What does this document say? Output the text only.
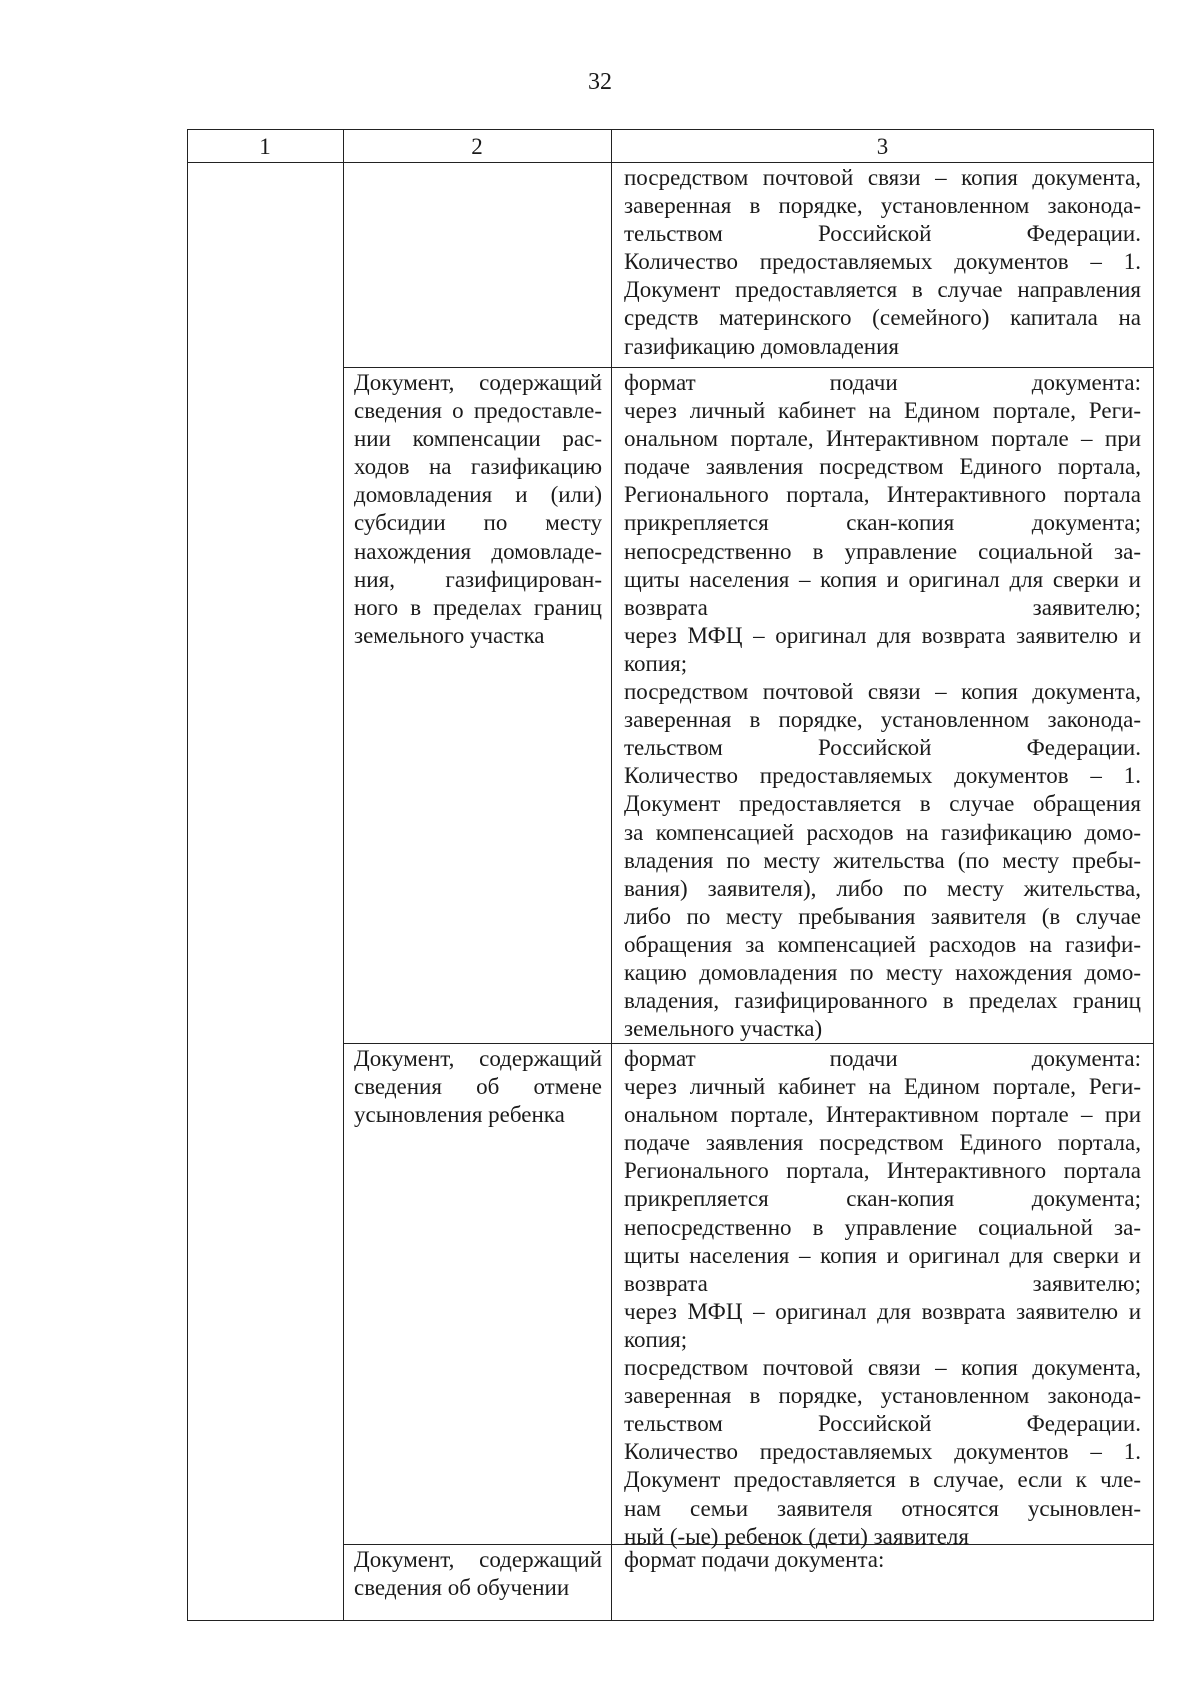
32
1	2	3
посредством почтовой связи – копия документа,
заверенная в порядке, установленном законода-
тельством Российской Федерации.
Количество предоставляемых документов – 1.
Документ предоставляется в случае направления
средств материнского (семейного) капитала на
газификацию домовладения
Документ, содержащий
сведения о предоставле-
нии компенсации рас-
ходов на газификацию
домовладения и (или)
субсидии по месту
нахождения домовладе-
ния, газифицирован-
ного в пределах границ
земельного участка
формат подачи документа:
через личный кабинет на Едином портале, Реги-
ональном портале, Интерактивном портале – при
подаче заявления посредством Единого портала,
Регионального портала, Интерактивного портала
прикрепляется скан-копия документа;
непосредственно в управление социальной за-
щиты населения – копия и оригинал для сверки и
возврата заявителю;
через МФЦ – оригинал для возврата заявителю и
копия;
посредством почтовой связи – копия документа,
заверенная в порядке, установленном законода-
тельством Российской Федерации.
Количество предоставляемых документов – 1.
Документ предоставляется в случае обращения
за компенсацией расходов на газификацию домо-
владения по месту жительства (по месту пребы-
вания) заявителя), либо по месту жительства,
либо по месту пребывания заявителя (в случае
обращения за компенсацией расходов на газифи-
кацию домовладения по месту нахождения домо-
владения, газифицированного в пределах границ
земельного участка)
Документ, содержащий
сведения об отмене
усыновления ребенка
формат подачи документа:
через личный кабинет на Едином портале, Реги-
ональном портале, Интерактивном портале – при
подаче заявления посредством Единого портала,
Регионального портала, Интерактивного портала
прикрепляется скан-копия документа;
непосредственно в управление социальной за-
щиты населения – копия и оригинал для сверки и
возврата заявителю;
через МФЦ – оригинал для возврата заявителю и
копия;
посредством почтовой связи – копия документа,
заверенная в порядке, установленном законода-
тельством Российской Федерации.
Количество предоставляемых документов – 1.
Документ предоставляется в случае, если к чле-
нам семьи заявителя относятся усыновлен-
ный (-ые) ребенок (дети) заявителя
Документ, содержащий
сведения об обучении
формат подачи документа:
